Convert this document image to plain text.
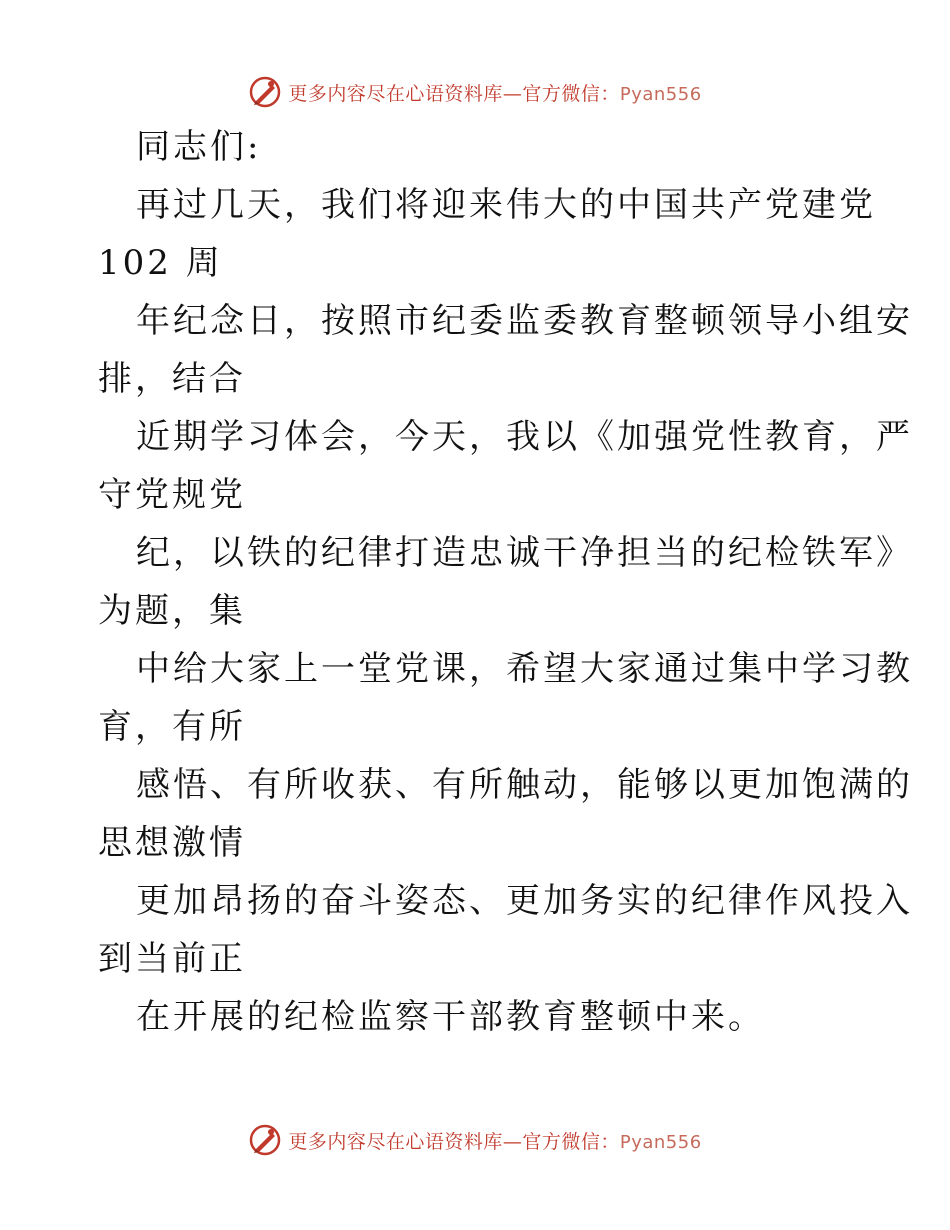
更多内容尽在心语资料库—官方微信：Pyan556
同志们:
再过几天，我们将迎来伟大的中国共产党建党
102 周
年纪念日，按照市纪委监委教育整顿领导小组安
排，结合
近期学习体会，今天，我以《加强党性教育，严
守党规党
纪，以铁的纪律打造忠诚干净担当的纪检铁军》
为题，集
中给大家上一堂党课，希望大家通过集中学习教
育，有所
感悟、有所收获、有所触动，能够以更加饱满的
思想激情
更加昂扬的奋斗姿态、更加务实的纪律作风投入
到当前正
在开展的纪检监察干部教育整顿中来。
更多内容尽在心语资料库—官方微信：Pyan556
